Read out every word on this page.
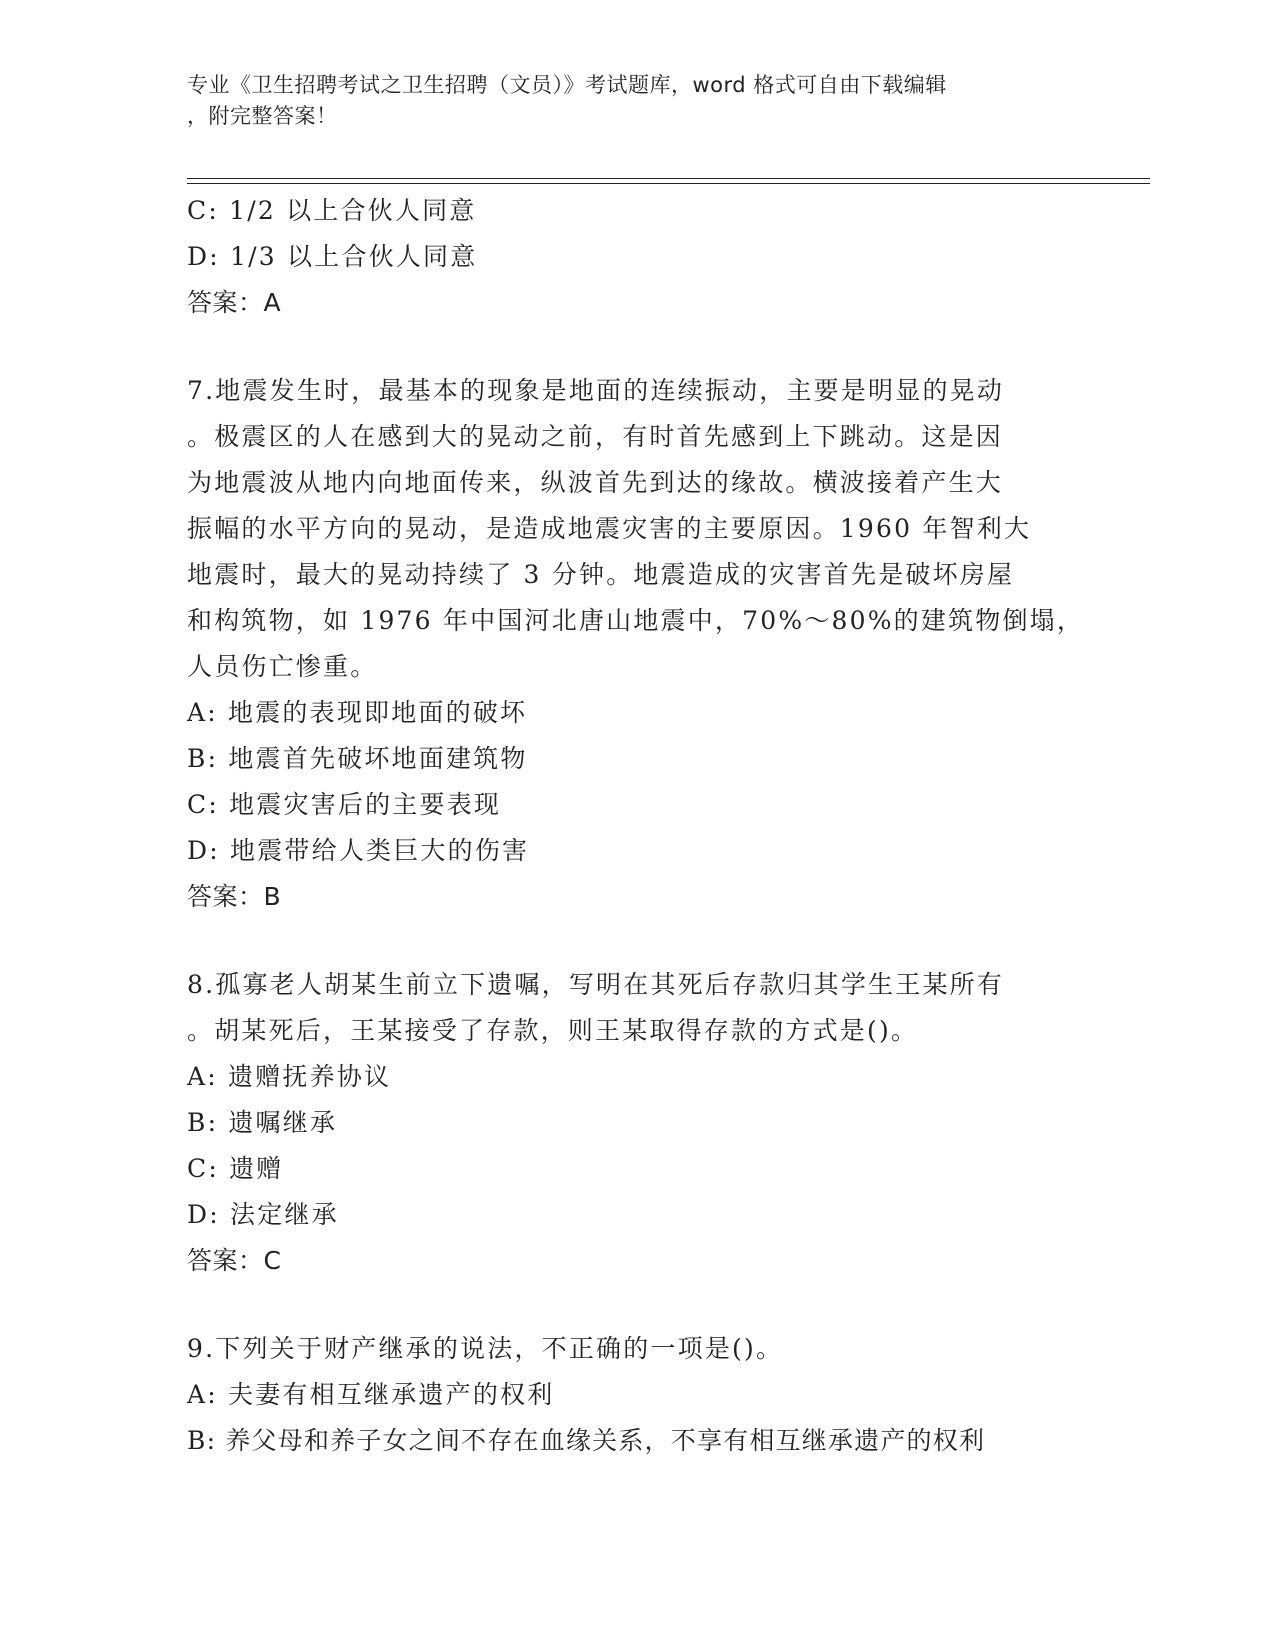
专业《卫生招聘考试之卫生招聘（文员）》考试题库，word 格式可自由下载编辑
，附完整答案！
C: 1/2 以上合伙人同意
D: 1/3 以上合伙人同意
答案：A
7.地震发生时，最基本的现象是地面的连续振动，主要是明显的晃动
。极震区的人在感到大的晃动之前，有时首先感到上下跳动。这是因
为地震波从地内向地面传来，纵波首先到达的缘故。横波接着产生大
振幅的水平方向的晃动，是造成地震灾害的主要原因。1960 年智利大
地震时，最大的晃动持续了 3 分钟。地震造成的灾害首先是破坏房屋
和构筑物，如 1976 年中国河北唐山地震中，70%～80%的建筑物倒塌，
人员伤亡惨重。
A: 地震的表现即地面的破坏
B: 地震首先破坏地面建筑物
C: 地震灾害后的主要表现
D: 地震带给人类巨大的伤害
答案：B
8.孤寡老人胡某生前立下遗嘱，写明在其死后存款归其学生王某所有
。胡某死后，王某接受了存款，则王某取得存款的方式是()。
A: 遗赠抚养协议
B: 遗嘱继承
C: 遗赠
D: 法定继承
答案：C
9.下列关于财产继承的说法，不正确的一项是()。
A: 夫妻有相互继承遗产的权利
B: 养父母和养子女之间不存在血缘关系，不享有相互继承遗产的权利
